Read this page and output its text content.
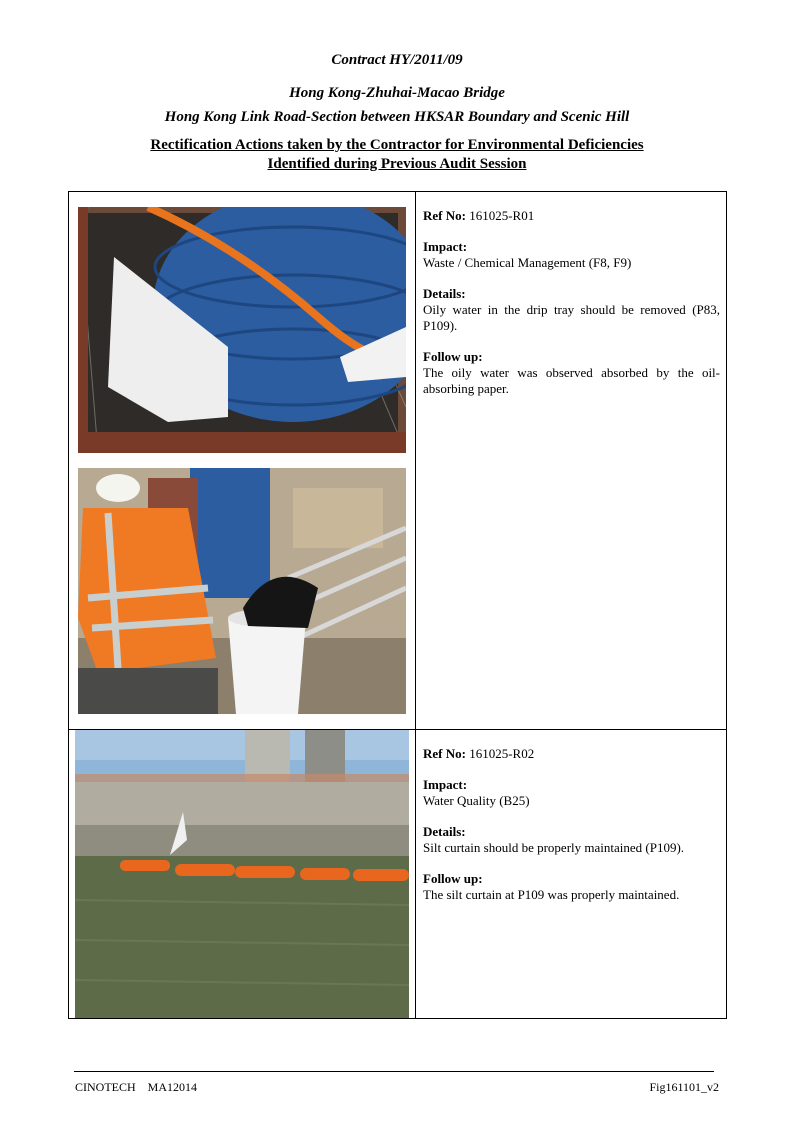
Contract HY/2011/09
Hong Kong-Zhuhai-Macao Bridge
Hong Kong Link Road-Section between HKSAR Boundary and Scenic Hill
Rectification Actions taken by the Contractor for Environmental Deficiencies
Identified during Previous Audit Session

Ref No: 161025-R01

Impact:
Waste / Chemical Management (F8, F9)

Details:
Oily water in the drip tray should be removed (P83, P109).

Follow up:
The oily water was observed absorbed by the oil-absorbing paper.

Ref No: 161025-R02

Impact:
Water Quality (B25)

Details:
Silt curtain should be properly maintained (P109).

Follow up:
The silt curtain at P109 was properly maintained.

CINOTECH    MA12014	Fig161101_v2
